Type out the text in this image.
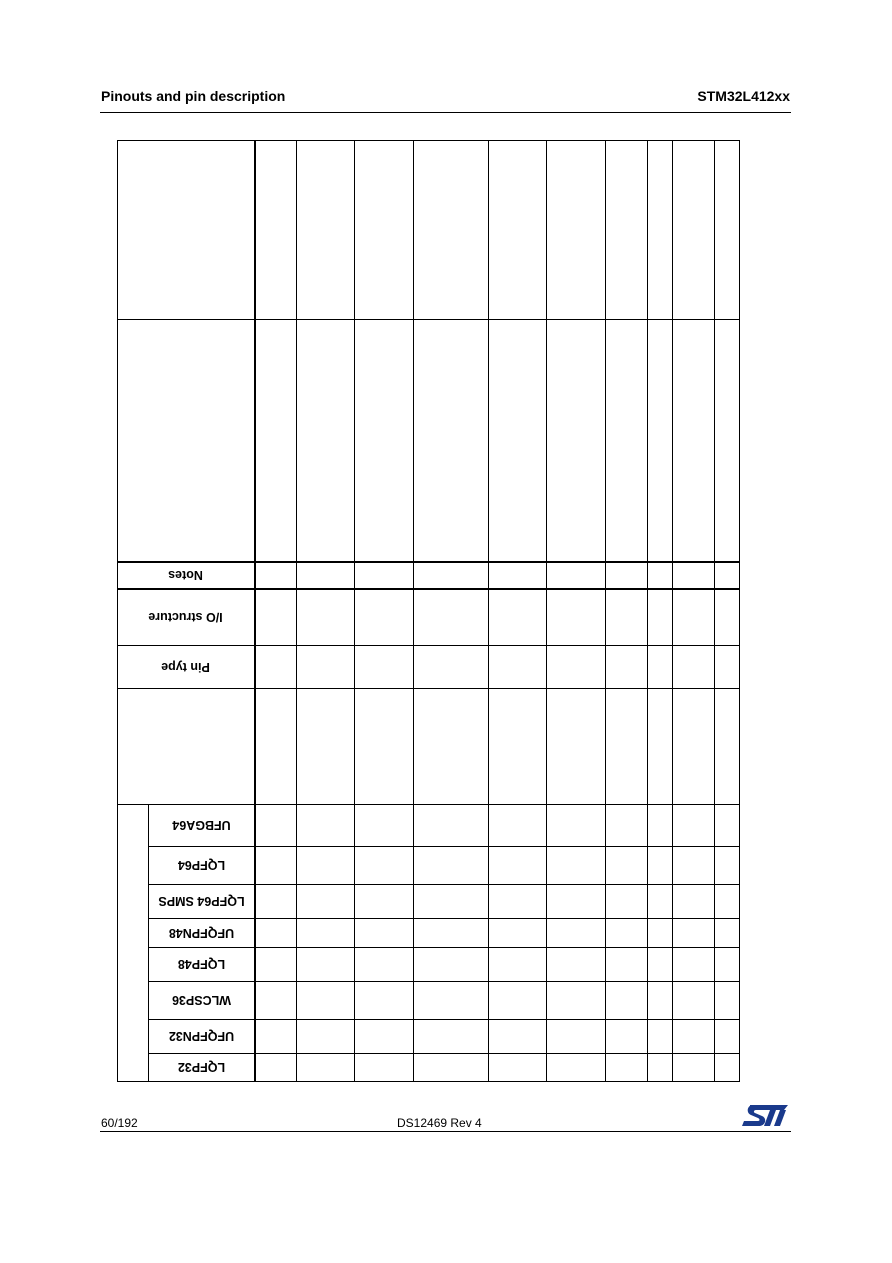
Pinouts and pin description	STM32L412xx
Notes
I/O structure
Pin type
UFBGA64
LQFP64
LQFP64 SMPS
UFQFPN48
LQFP48
WLCSP36
UFQFPN32
LQFP32
60/192	DS12469 Rev 4
